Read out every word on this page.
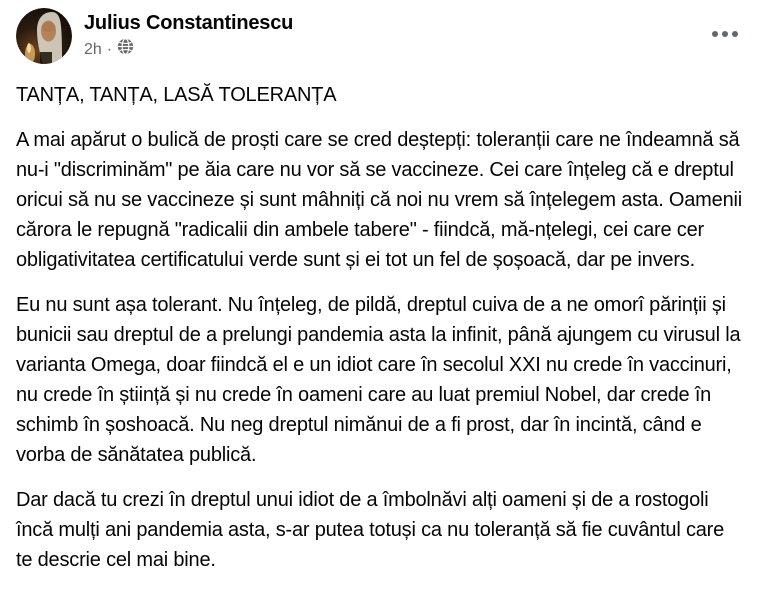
Julius Constantinescu
2h ·

TANȚA, TANȚA, LASĂ TOLERANȚA

A mai apărut o bulică de proști care se cred deștepți: toleranții care ne îndeamnă să nu-i "discriminăm" pe ăia care nu vor să se vaccineze. Cei care înțeleg că e dreptul oricui să nu se vaccineze și sunt mâhniți că noi nu vrem să înțelegem asta. Oamenii cărora le repugnă "radicalii din ambele tabere" - fiindcă, mă-nțelegi, cei care cer obligativitatea certificatului verde sunt și ei tot un fel de șoșoacă, dar pe invers.

Eu nu sunt așa tolerant. Nu înțeleg, de pildă, dreptul cuiva de a ne omorî părinții și bunicii sau dreptul de a prelungi pandemia asta la infinit, până ajungem cu virusul la varianta Omega, doar fiindcă el e un idiot care în secolul XXI nu crede în vaccinuri, nu crede în știință și nu crede în oameni care au luat premiul Nobel, dar crede în schimb în șoshoacă. Nu neg dreptul nimănui de a fi prost, dar în incintă, când e vorba de sănătatea publică.

Dar dacă tu crezi în dreptul unui idiot de a îmbolnăvi alți oameni și de a rostogoli încă mulți ani pandemia asta, s-ar putea totuși ca nu toleranță să fie cuvântul care te descrie cel mai bine.
